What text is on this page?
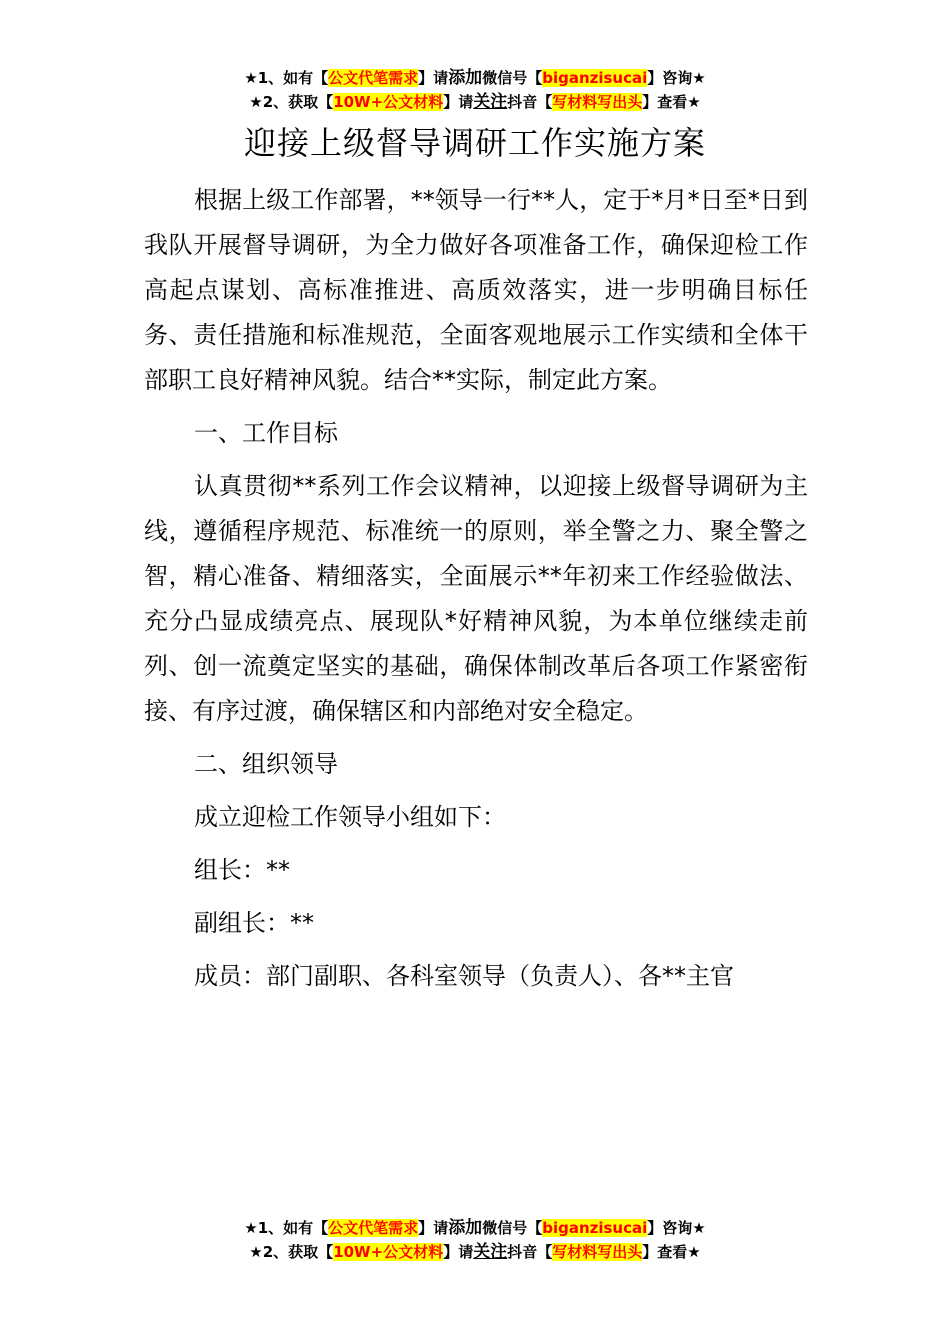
★1、如有【公文代笔需求】请添加微信号【biganzisucai】咨询★
★2、获取【10W+公文材料】请关注抖音【写材料写出头】查看★
迎接上级督导调研工作实施方案

根据上级工作部署，**领导一行**人，定于*月*日至*日到我队开展督导调研，为全力做好各项准备工作，确保迎检工作高起点谋划、高标准推进、高质效落实，进一步明确目标任务、责任措施和标准规范，全面客观地展示工作实绩和全体干部职工良好精神风貌。结合**实际，制定此方案。

一、工作目标

认真贯彻**系列工作会议精神，以迎接上级督导调研为主线，遵循程序规范、标准统一的原则，举全警之力、聚全警之智，精心准备、精细落实，全面展示**年初来工作经验做法、充分凸显成绩亮点、展现队*好精神风貌，为本单位继续走前列、创一流奠定坚实的基础，确保体制改革后各项工作紧密衔接、有序过渡，确保辖区和内部绝对安全稳定。

二、组织领导

成立迎检工作领导小组如下：

组长：**

副组长：**

成员：部门副职、各科室领导（负责人）、各**主官

★1、如有【公文代笔需求】请添加微信号【biganzisucai】咨询★
★2、获取【10W+公文材料】请关注抖音【写材料写出头】查看★
